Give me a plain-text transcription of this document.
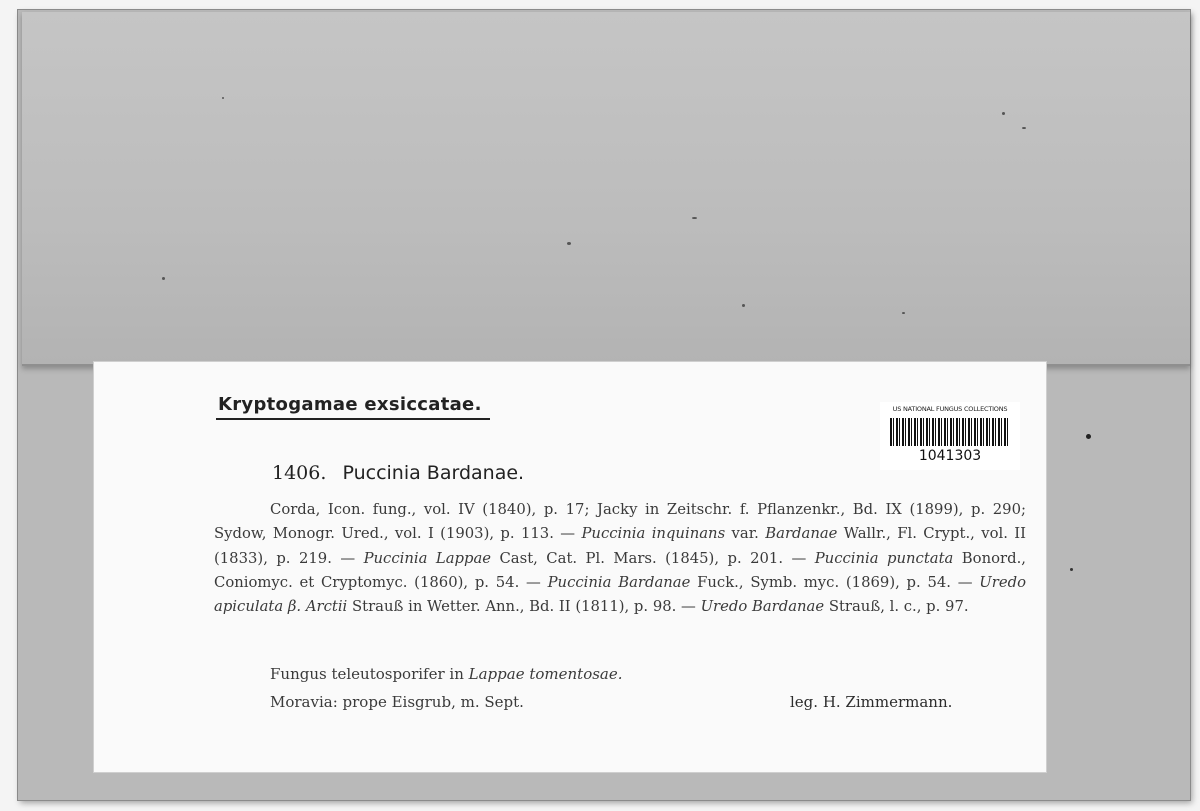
Kryptogamae exsiccatae.	US NATIONAL FUNGUS COLLECTIONS
1041303
1406. Puccinia Bardanae.
Corda, Icon. fung., vol. IV (1840), p. 17; Jacky in Zeitschr. f. Pflanzenkr., Bd. IX (1899), p. 290; Sydow, Monogr. Ured., vol. I (1903), p. 113. — Puccinia inquinans var. Bardanae Wallr., Fl. Crypt., vol. II (1833), p. 219. — Puccinia Lappae Cast, Cat. Pl. Mars. (1845), p. 201. — Puccinia punctata Bonord., Coniomyc. et Cryptomyc. (1860), p. 54. — Puccinia Bardanae Fuck., Symb. myc. (1869), p. 54. — Uredo apiculata β. Arctii Strauß in Wetter. Ann., Bd. II (1811), p. 98. — Uredo Bardanae Strauß, l. c., p. 97.
Fungus teleutosporifer in Lappae tomentosae.
Moravia: prope Eisgrub, m. Sept.	leg. H. Zimmermann.
